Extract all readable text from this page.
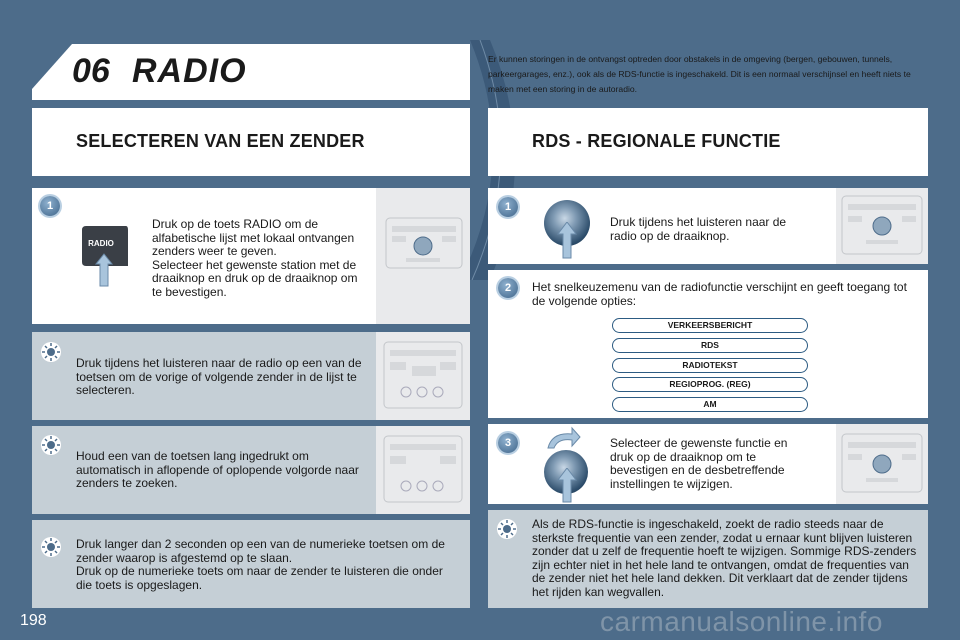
06 RADIO	Er kunnen storingen in de ontvangst optreden door obstakels in de omgeving (bergen, gebouwen, tunnels, parkeergarages, enz.), ook als de RDS-functie is ingeschakeld. Dit is een normaal verschijnsel en heeft niets te maken met een storing in de autoradio.
SELECTEREN VAN EEN ZENDER	RDS - REGIONALE FUNCTIE
1
RADIO
Druk op de toets RADIO om de alfabetische lijst met lokaal ontvangen zenders weer te geven.
Selecteer het gewenste station met de draaiknop en druk op de draaiknop om te bevestigen.
Druk tijdens het luisteren naar de radio op een van de toetsen om de vorige of volgende zender in de lijst te selecteren.
Houd een van de toetsen lang ingedrukt om automatisch in aflopende of oplopende volgorde naar zenders te zoeken.
Druk langer dan 2 seconden op een van de numerieke toetsen om de zender waarop is afgestemd op te slaan.
Druk op de numerieke toets om naar de zender te luisteren die onder die toets is opgeslagen.
1
Druk tijdens het luisteren naar de radio op de draaiknop.
2	Het snelkeuzemenu van de radiofunctie verschijnt en geeft toegang tot de volgende opties:
VERKEERSBERICHT
RDS
RADIOTEKST
REGIOPROG. (REG)
AM
3	Selecteer de gewenste functie en druk op de draaiknop om te bevestigen en de desbetreffende instellingen te wijzigen.
Als de RDS-functie is ingeschakeld, zoekt de radio steeds naar de sterkste frequentie van een zender, zodat u ernaar kunt blijven luisteren zonder dat u zelf de frequentie hoeft te wijzigen. Sommige RDS-zenders zijn echter niet in het hele land te ontvangen, omdat de frequenties van de zender niet het hele land dekken. Dit verklaart dat de zender tijdens het rijden kan wegvallen.
198	carmanualsonline.info
